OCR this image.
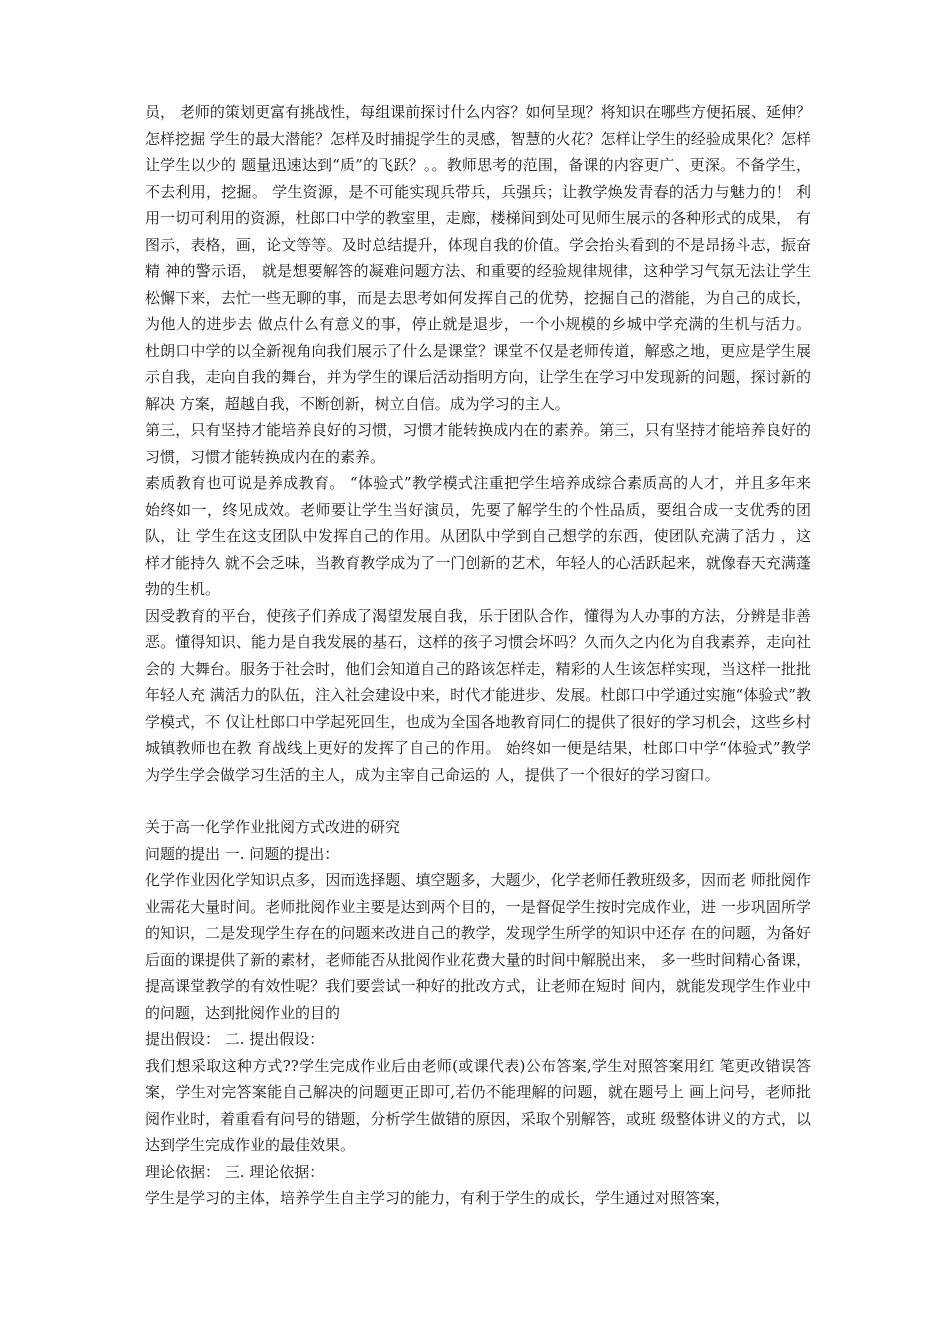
员， 老师的策划更富有挑战性，每组课前探讨什么内容？如何呈现？将知识在哪些方便拓展、延伸？怎样挖掘 学生的最大潜能？怎样及时捕捉学生的灵感，智慧的火花？怎样让学生的经验成果化？怎样让学生以少的 题量迅速达到“质”的飞跃？。。教师思考的范围，备课的内容更广、更深。不备学生，不去利用，挖掘。 学生资源，是不可能实现兵带兵，兵强兵；让教学焕发青春的活力与魅力的！ 利用一切可利用的资源，杜郎口中学的教室里，走廊，楼梯间到处可见师生展示的各种形式的成果， 有图示，表格，画，论文等等。及时总结提升，体现自我的价值。学会抬头看到的不是昂扬斗志，振奋精 神的警示语， 就是想要解答的凝难问题方法、和重要的经验规律规律，这种学习气氛无法让学生松懈下来，去忙一些无聊的事，而是去思考如何发挥自己的优势，挖掘自己的潜能，为自己的成长，为他人的进步去 做点什么有意义的事，停止就是退步，一个小规模的乡城中学充满的生机与活力。 杜朗口中学的以全新视角向我们展示了什么是课堂？课堂不仅是老师传道，解惑之地，更应是学生展 示自我，走向自我的舞台，并为学生的课后活动指明方向，让学生在学习中发现新的问题，探讨新的解决 方案，超越自我，不断创新，树立自信。成为学习的主人。

第三，只有坚持才能培养良好的习惯，习惯才能转换成内在的素养。第三，只有坚持才能培养良好的习惯，习惯才能转换成内在的素养。

素质教育也可说是养成教育。 “体验式”教学模式注重把学生培养成综合素质高的人才，并且多年来 始终如一，终见成效。老师要让学生当好演员，先要了解学生的个性品质，要组合成一支优秀的团队，让 学生在这支团队中发挥自己的作用。从团队中学到自己想学的东西，使团队充满了活力 ，这样才能持久 就不会乏味，当教育教学成为了一门创新的艺术，年轻人的心活跃起来，就像春天充满蓬勃的生机。

因受教育的平台，使孩子们养成了渴望发展自我，乐于团队合作，懂得为人办事的方法，分辨是非善 恶。懂得知识、能力是自我发展的基石，这样的孩子习惯会坏吗？久而久之内化为自我素养，走向社会的 大舞台。服务于社会时，他们会知道自己的路该怎样走，精彩的人生该怎样实现，当这样一批批年轻人充 满活力的队伍，注入社会建设中来，时代才能进步、发展。杜郎口中学通过实施“体验式”教学模式，不 仅让杜郎口中学起死回生，也成为全国各地教育同仁的提供了很好的学习机会，这些乡村城镇教师也在教 育战线上更好的发挥了自己的作用。 始终如一便是结果，杜郎口中学“体验式”教学为学生学会做学习生活的主人，成为主宰自己命运的 人，提供了一个很好的学习窗口。

关于高一化学作业批阅方式改进的研究

问题的提出 一. 问题的提出：

化学作业因化学知识点多，因而选择题、填空题多，大题少，化学老师任教班级多，因而老 师批阅作业需花大量时间。老师批阅作业主要是达到两个目的，一是督促学生按时完成作业，进 一步巩固所学的知识，二是发现学生存在的问题来改进自己的教学，发现学生所学的知识中还存 在的问题，为备好后面的课提供了新的素材，老师能否从批阅作业花费大量的时间中解脱出来， 多一些时间精心备课，提高课堂教学的有效性呢？我们要尝试一种好的批改方式，让老师在短时 间内，就能发现学生作业中的问题，达到批阅作业的目的

提出假设： 二. 提出假设：

我们想采取这种方式??学生完成作业后由老师(或课代表)公布答案,学生对照答案用红 笔更改错误答案，学生对完答案能自己解决的问题更正即可,若仍不能理解的问题，就在题号上 画上问号，老师批阅作业时，着重看有问号的错题，分析学生做错的原因，采取个别解答，或班 级整体讲义的方式，以达到学生完成作业的最佳效果。

理论依据： 三. 理论依据：

学生是学习的主体，培养学生自主学习的能力，有利于学生的成长，学生通过对照答案，
